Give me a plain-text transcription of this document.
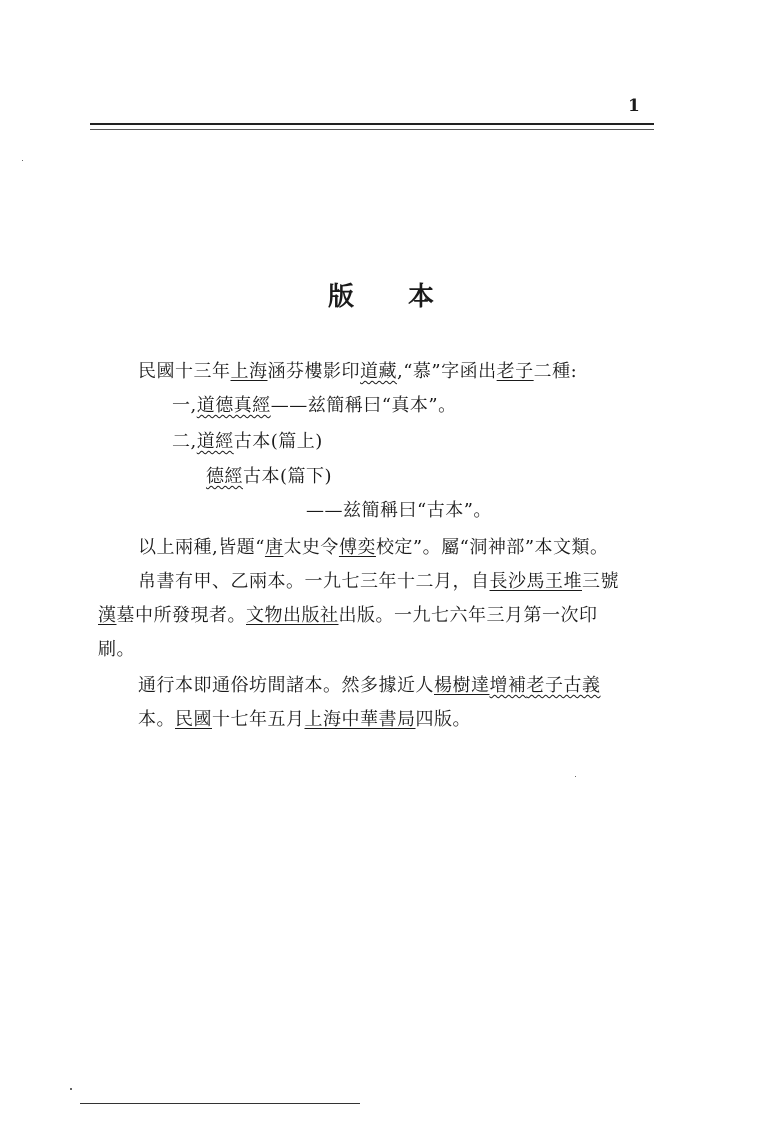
1
版 本
民國十三年上海涵芬樓影印道藏,“慕”字函出老子二種:
一,道德真經——兹簡稱曰“真本”。
二,道經古本(篇上)
德經古本(篇下)
——兹簡稱曰“古本”。
以上兩種,皆題“唐太史令傅奕校定”。屬“洞神部”本文類。
帛書有甲、乙兩本。一九七三年十二月，自長沙馬王堆三號
漢墓中所發現者。文物出版社出版。一九七六年三月第一次印
刷。
通行本即通俗坊間諸本。然多據近人楊樹達增補老子古義
本。民國十七年五月上海中華書局四版。
